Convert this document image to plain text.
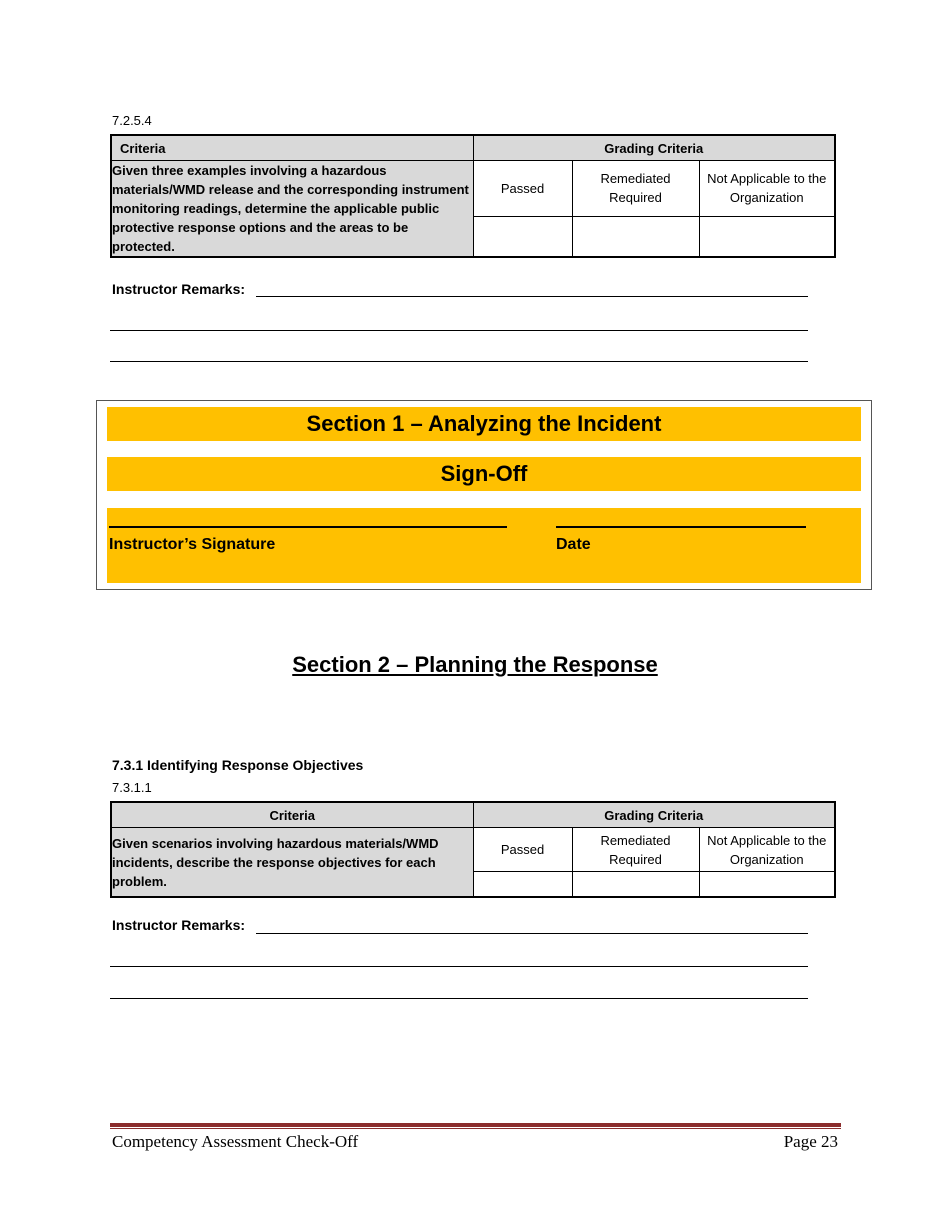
7.2.5.4
Criteria	Grading Criteria		
Given three examples involving a hazardous materials/WMD release and the corresponding instrument monitoring readings, determine the applicable public protective response options and the areas to be protected.	Passed	Remediated Required	Not Applicable to the Organization

Instructor Remarks:
Section 1 – Analyzing the Incident
Sign-Off
Instructor’s Signature	Date
Section 2 – Planning the Response
7.3.1 Identifying Response Objectives
7.3.1.1
Criteria	Grading Criteria		
Given scenarios involving hazardous materials/WMD incidents, describe the response objectives for each problem.	Passed	Remediated Required	Not Applicable to the Organization

Instructor Remarks:
Competency Assessment Check-Off	Page 23
